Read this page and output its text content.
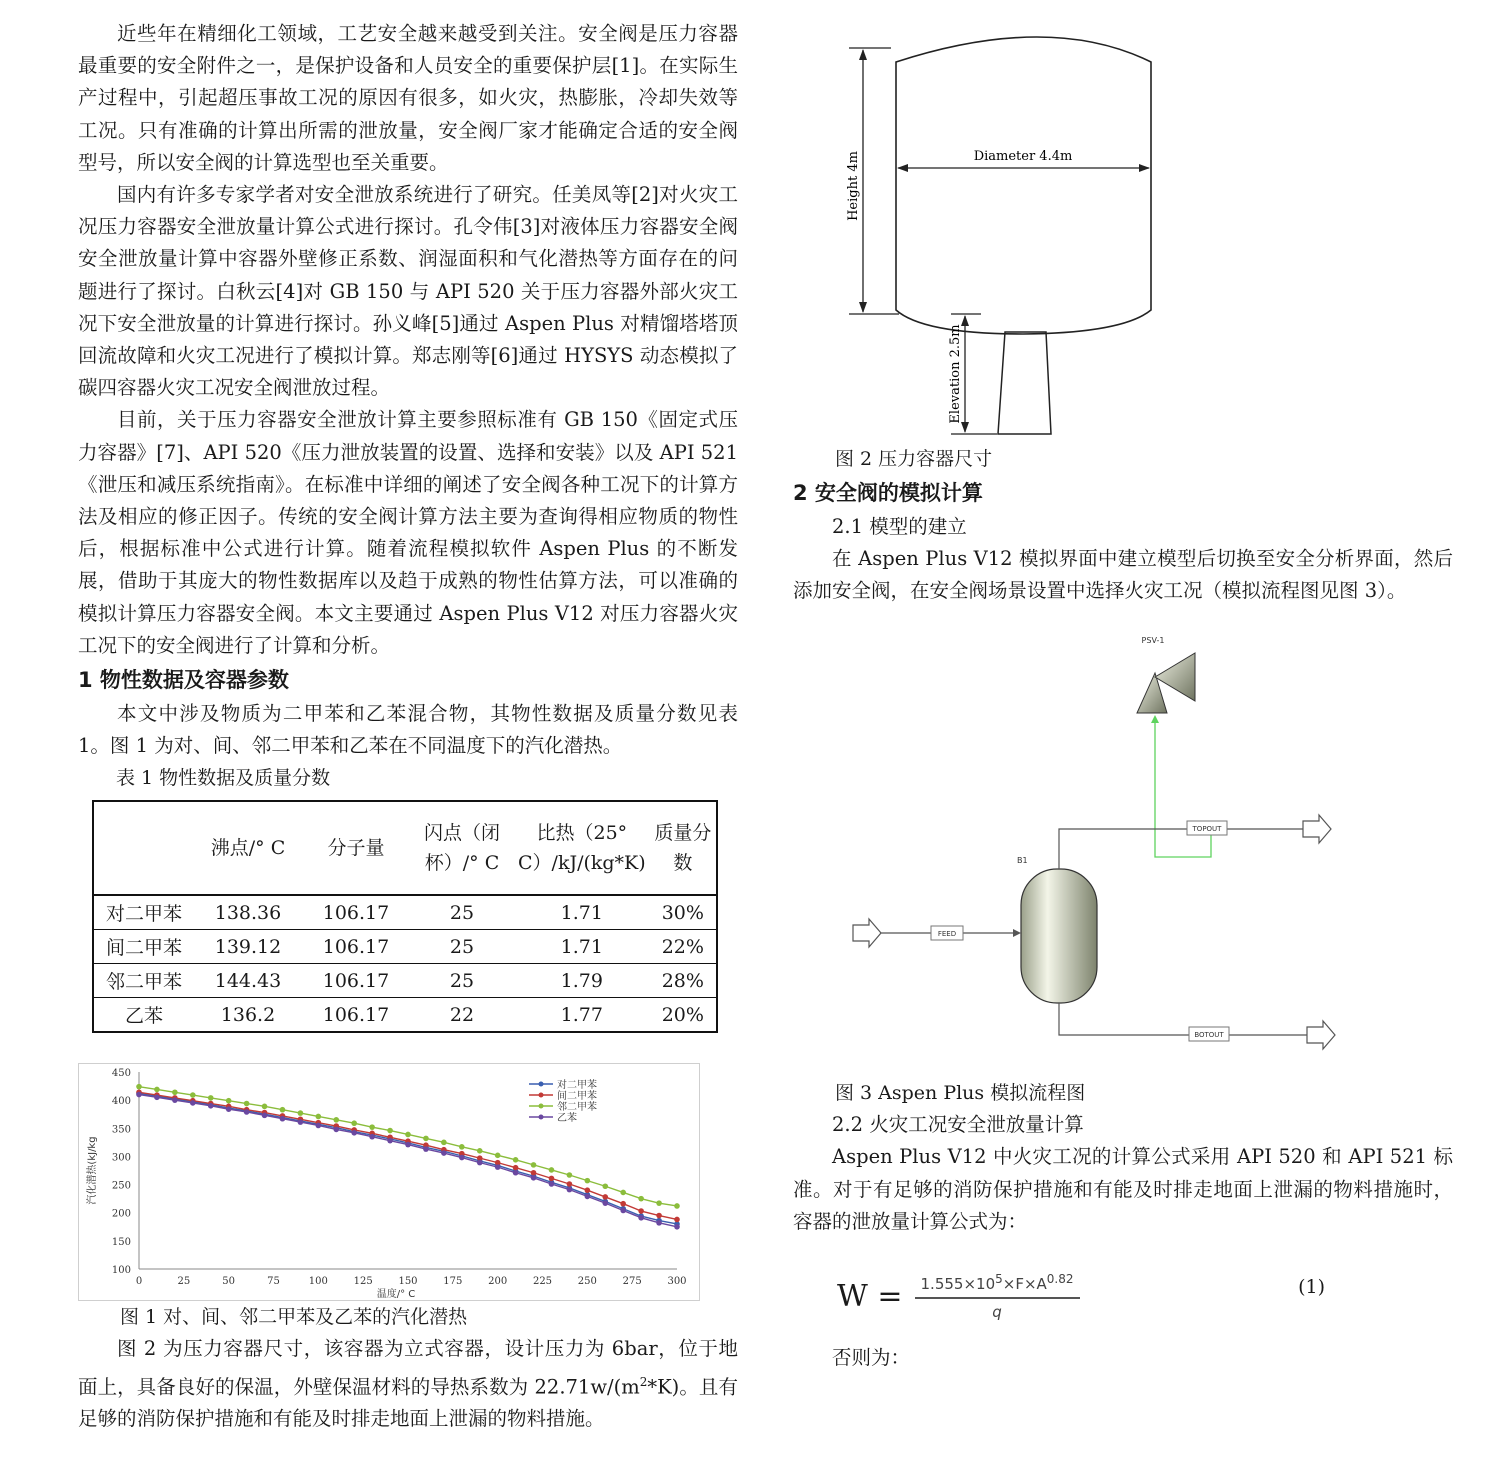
近些年在精细化工领域，工艺安全越来越受到关注。安全阀是压力容器最重要的安全附件之一，是保护设备和人员安全的重要保护层[1]。在实际生产过程中，引起超压事故工况的原因有很多，如火灾，热膨胀，冷却失效等工况。只有准确的计算出所需的泄放量，安全阀厂家才能确定合适的安全阀型号，所以安全阀的计算选型也至关重要。

国内有许多专家学者对安全泄放系统进行了研究。任美凤等[2]对火灾工况压力容器安全泄放量计算公式进行探讨。孔令伟[3]对液体压力容器安全阀安全泄放量计算中容器外壁修正系数、润湿面积和气化潜热等方面存在的问题进行了探讨。白秋云[4]对 GB 150 与 API 520 关于压力容器外部火灾工况下安全泄放量的计算进行探讨。孙义峰[5]通过 Aspen Plus 对精馏塔塔顶回流故障和火灾工况进行了模拟计算。郑志刚等[6]通过 HYSYS 动态模拟了碳四容器火灾工况安全阀泄放过程。

目前，关于压力容器安全泄放计算主要参照标准有 GB 150《固定式压力容器》[7]、API 520《压力泄放装置的设置、选择和安装》以及 API 521《泄压和减压系统指南》。在标准中详细的阐述了安全阀各种工况下的计算方法及相应的修正因子。传统的安全阀计算方法主要为查询得相应物质的物性后，根据标准中公式进行计算。随着流程模拟软件 Aspen Plus 的不断发展，借助于其庞大的物性数据库以及趋于成熟的物性估算方法，可以准确的模拟计算压力容器安全阀。本文主要通过 Aspen Plus V12 对压力容器火灾工况下的安全阀进行了计算和分析。

1 物性数据及容器参数

本文中涉及物质为二甲苯和乙苯混合物，其物性数据及质量分数见表 1。图 1 为对、间、邻二甲苯和乙苯在不同温度下的汽化潜热。

表 1 物性数据及质量分数
	沸点/° C	分子量	闪点（闭杯）/° C	比热（25° C）/kJ/(kg*K)	质量分数
对二甲苯	138.36	106.17	25	1.71	30%
间二甲苯	139.12	106.17	25	1.71	22%
邻二甲苯	144.43	106.17	25	1.79	28%
乙苯	136.2	106.17	22	1.77	20%
100
150
200
250
300
350
400
450
0	25	50	75	100	125	150	175	200	225	250	275	300
温度/° C
汽化潜热(kJ/kg
对二甲苯
间二甲苯
邻二甲苯
乙苯
图 1 对、间、邻二甲苯及乙苯的汽化潜热

图 2 为压力容器尺寸，该容器为立式容器，设计压力为 6bar，位于地面上，具备良好的保温，外壁保温材料的导热系数为 $22.71w/(m^2*K)$。且有足够的消防保护措施和有能及时排走地面上泄漏的物料措施。

Height 4m	Diameter 4.4m
Elevation 2.5m
图 2 压力容器尺寸
2 安全阀的模拟计算
2.1 模型的建立

在 Aspen Plus V12 模拟界面中建立模型后切换至安全分析界面，然后添加安全阀，在安全阀场景设置中选择火灾工况（模拟流程图见图 3）。

PSV-1
B1
TOPOUT
BOTOUT
FEED
图 3 Aspen Plus 模拟流程图
2.2 火灾工况安全泄放量计算

Aspen Plus V12 中火灾工况的计算公式采用 API 520 和 API 521 标准。对于有足够的消防保护措施和有能及时排走地面上泄漏的物料措施时，容器的泄放量计算公式为：

$W = \frac{1.555\times 10^5\times F\times A^{0.82}}{q}$	(1)
否则为：
